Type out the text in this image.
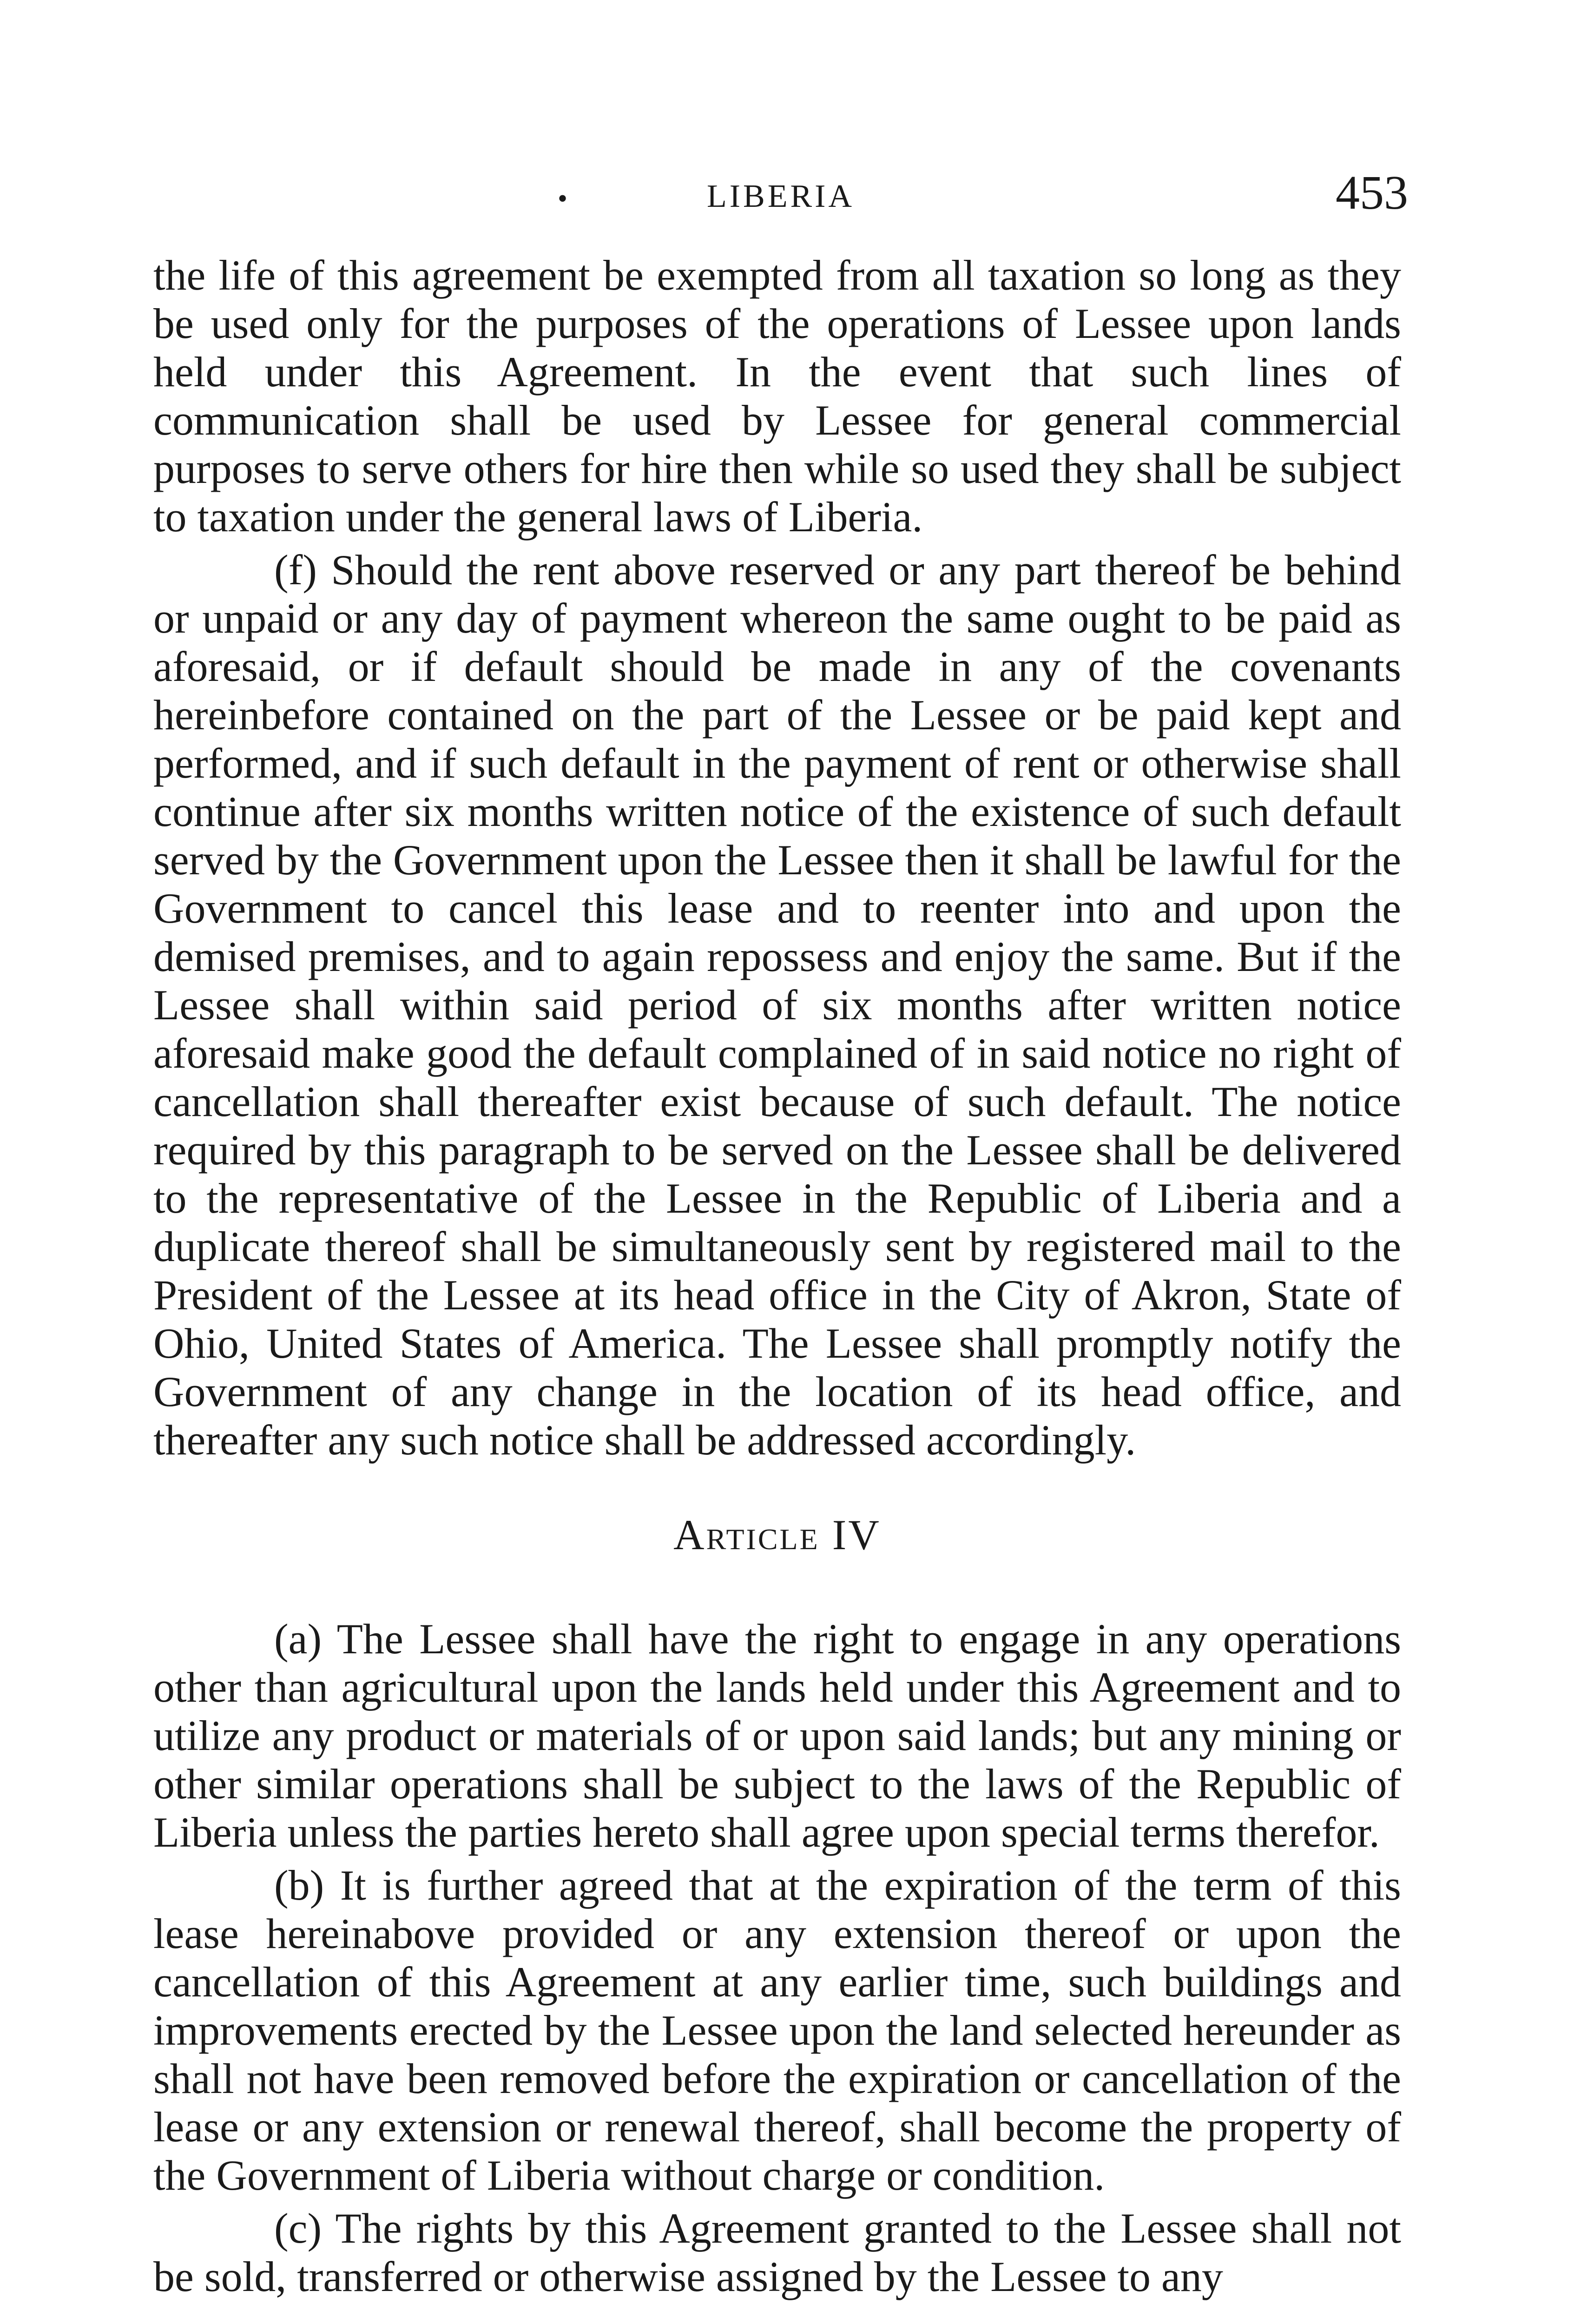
•	LIBERIA	453

the life of this agreement be exempted from all taxation so long as they be used only for the purposes of the operations of Lessee upon lands held under this Agreement. In the event that such lines of communication shall be used by Lessee for general commercial purposes to serve others for hire then while so used they shall be subject to taxation under the general laws of Liberia.

(f) Should the rent above reserved or any part thereof be behind or unpaid or any day of payment whereon the same ought to be paid as aforesaid, or if default should be made in any of the covenants hereinbefore contained on the part of the Lessee or be paid kept and performed, and if such default in the payment of rent or otherwise shall continue after six months written notice of the existence of such default served by the Government upon the Lessee then it shall be lawful for the Government to cancel this lease and to reenter into and upon the demised premises, and to again repossess and enjoy the same. But if the Lessee shall within said period of six months after written notice aforesaid make good the default complained of in said notice no right of cancellation shall thereafter exist because of such default. The notice required by this paragraph to be served on the Lessee shall be delivered to the representative of the Lessee in the Republic of Liberia and a duplicate thereof shall be simultaneously sent by registered mail to the President of the Lessee at its head office in the City of Akron, State of Ohio, United States of America. The Lessee shall promptly notify the Government of any change in the location of its head office, and thereafter any such notice shall be addressed accordingly.

Article IV

(a) The Lessee shall have the right to engage in any operations other than agricultural upon the lands held under this Agreement and to utilize any product or materials of or upon said lands; but any mining or other similar operations shall be subject to the laws of the Republic of Liberia unless the parties hereto shall agree upon special terms therefor.

(b) It is further agreed that at the expiration of the term of this lease hereinabove provided or any extension thereof or upon the cancellation of this Agreement at any earlier time, such buildings and improvements erected by the Lessee upon the land selected hereunder as shall not have been removed before the expiration or cancellation of the lease or any extension or renewal thereof, shall become the property of the Government of Liberia without charge or condition.

(c) The rights by this Agreement granted to the Lessee shall not be sold, transferred or otherwise assigned by the Lessee to any
